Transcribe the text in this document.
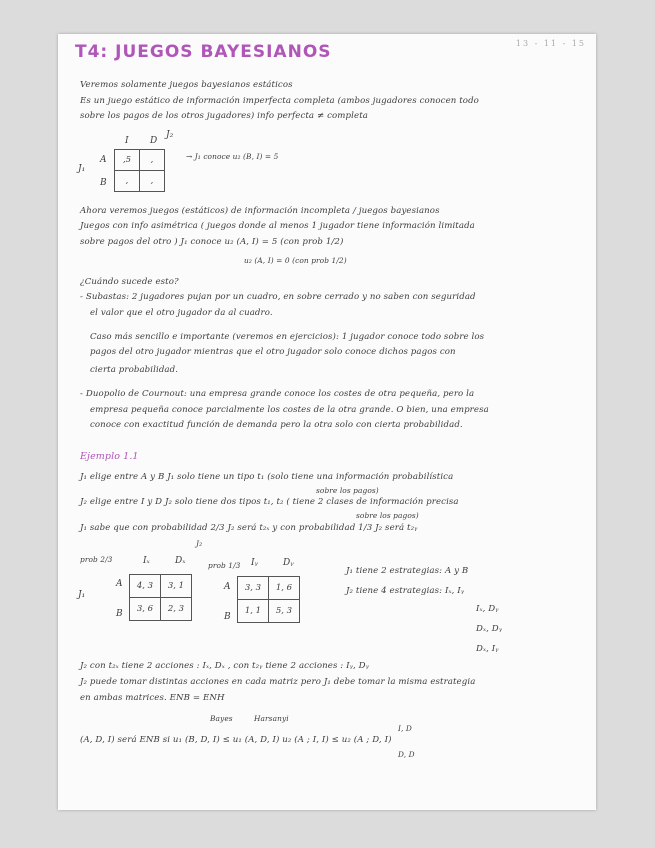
13 - 11 - 15
T4: JUEGOS BAYESIANOS
Veremos solamente juegos bayesianos estáticos
Es un juego estático de información imperfecta completa (ambos jugadores conocen todo
sobre los pagos de los otros jugadores) info perfecta ≠ completa
J₂
I D
J₁
A
B
,5	,
,	,
→ J₁ conoce u₂ (B, I) = 5
Ahora veremos juegos (estáticos) de información incompleta / juegos bayesianos
Juegos con info asimétrica ( juegos donde al menos 1 jugador tiene información limitada
sobre pagos del otro ) J₁ conoce u₂ (A, I) = 5 (con prob 1/2)
u₂ (A, I) = 0 (con prob 1/2)
¿Cuándo sucede esto?
- Subastas: 2 jugadores pujan por un cuadro, en sobre cerrado y no saben con seguridad
el valor que el otro jugador da al cuadro.
Caso más sencillo e importante (veremos en ejercicios): 1 jugador conoce todo sobre los
pagos del otro jugador mientras que el otro jugador solo conoce dichos pagos con
cierta probabilidad.
- Duopolio de Cournout: una empresa grande conoce los costes de otra pequeña, pero la
empresa pequeña conoce parcialmente los costes de la otra grande. O bien, una empresa
conoce con exactitud función de demanda pero la otra solo con cierta probabilidad.
Ejemplo 1.1
J₁ elige entre A y B J₁ solo tiene un tipo t₁ (solo tiene una información probabilística
sobre los pagos)
J₂ elige entre I y D J₂ solo tiene dos tipos t₁, t₂ ( tiene 2 clases de información precisa
sobre los pagos)
J₁ sabe que con probabilidad 2/3 J₂ será t₂ₓ y con probabilidad 1/3 J₂ será t₂ᵧ
J₂
prob 2/3
prob 1/3
J₁
Iₓ	Dₓ
A
B
4, 3	3, 1
3, 6	2, 3
Iᵧ	Dᵧ
A
B
3, 3	1, 6
1, 1	5, 3
J₁ tiene 2 estrategias: A y B
J₂ tiene 4 estrategias: Iₓ, Iᵧ
Iₓ, Dᵧ
Dₓ, Dᵧ
Dₓ, Iᵧ
J₂ con t₂ₓ tiene 2 acciones : Iₓ, Dₓ , con t₂ᵧ tiene 2 acciones : Iᵧ, Dᵧ
J₂ puede tomar distintas acciones en cada matriz pero J₁ debe tomar la misma estrategia
en ambas matrices. ENB = ENH
Bayes	Harsanyi
I, D
(A, D, I) será ENB si u₁ (B, D, I) ≤ u₁ (A, D, I) u₂ (A ; I, I) ≤ u₂ (A ; D, I)
D, D
